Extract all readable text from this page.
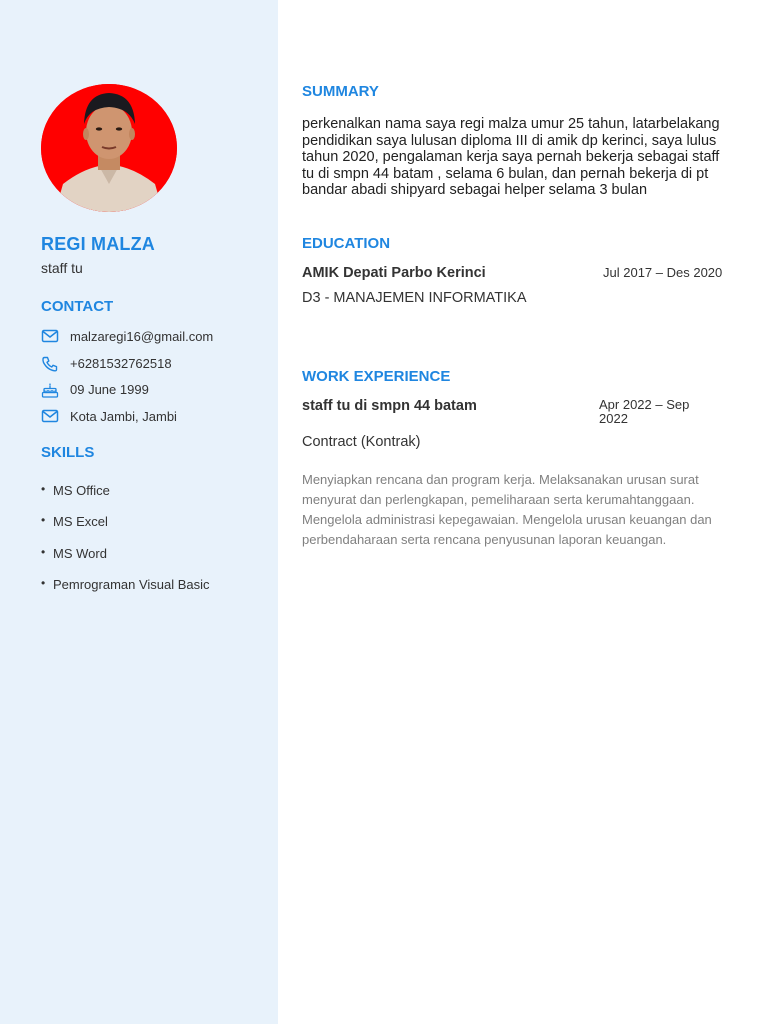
REGI MALZA
staff tu
CONTACT
malzaregi16@gmail.com
+6281532762518
09 June 1999
Kota Jambi, Jambi
SKILLS
• MS Office
• MS Excel
• MS Word
• Pemrograman Visual Basic
SUMMARY
perkenalkan nama saya regi malza umur 25 tahun, latarbelakang pendidikan saya lulusan diploma III di amik dp kerinci, saya lulus tahun 2020, pengalaman kerja saya pernah bekerja sebagai staff tu di smpn 44 batam , selama 6 bulan, dan pernah bekerja di pt bandar abadi shipyard sebagai helper selama 3 bulan
EDUCATION
AMIK Depati Parbo Kerinci	Jul 2017 – Des 2020
D3 - MANAJEMEN INFORMATIKA
WORK EXPERIENCE
staff tu di smpn 44 batam	Apr 2022 – Sep 2022
Contract (Kontrak)
Menyiapkan rencana dan program kerja. Melaksanakan urusan surat menyurat dan perlengkapan, pemeliharaan serta kerumahtanggaan. Mengelola administrasi kepegawaian. Mengelola urusan keuangan dan perbendaharaan serta rencana penyusunan laporan keuangan.
